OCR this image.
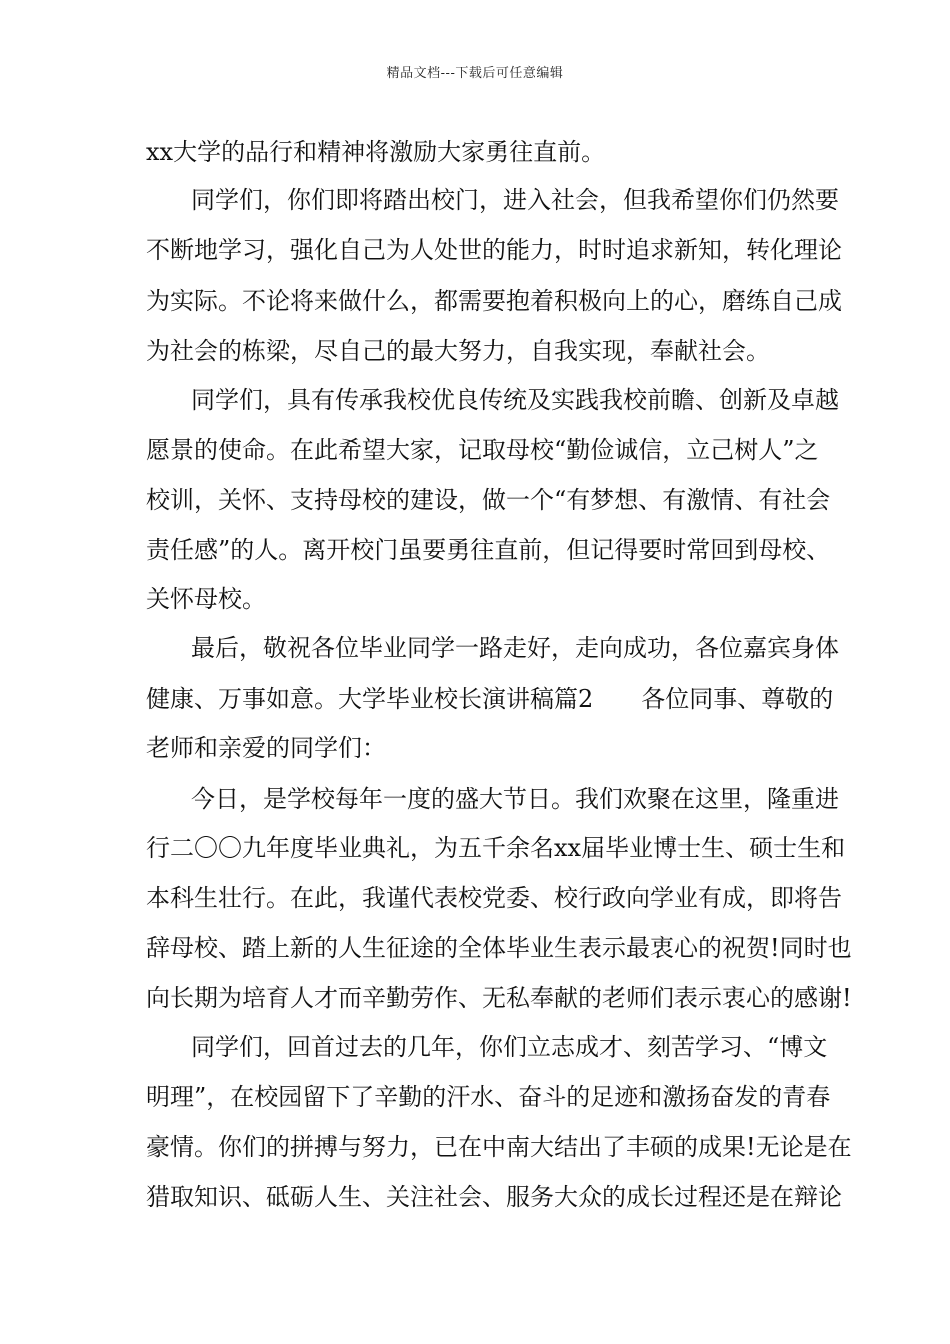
精品文档---下载后可任意编辑
xx大学的品行和精神将激励大家勇往直前。
同学们，你们即将踏出校门，进入社会，但我希望你们仍然要
不断地学习，强化自己为人处世的能力，时时追求新知，转化理论
为实际。不论将来做什么，都需要抱着积极向上的心，磨练自己成
为社会的栋梁，尽自己的最大努力，自我实现，奉献社会。
同学们，具有传承我校优良传统及实践我校前瞻、创新及卓越
愿景的使命。在此希望大家，记取母校“勤俭诚信，立己树人”之
校训，关怀、支持母校的建设，做一个“有梦想、有激情、有社会
责任感”的人。离开校门虽要勇往直前，但记得要时常回到母校、
关怀母校。
最后，敬祝各位毕业同学一路走好，走向成功，各位嘉宾身体
健康、万事如意。大学毕业校长演讲稿篇2　　各位同事、尊敬的
老师和亲爱的同学们：
今日，是学校每年一度的盛大节日。我们欢聚在这里，隆重进
行二〇〇九年度毕业典礼，为五千余名xx届毕业博士生、硕士生和
本科生壮行。在此，我谨代表校党委、校行政向学业有成，即将告
辞母校、踏上新的人生征途的全体毕业生表示最衷心的祝贺!同时也
向长期为培育人才而辛勤劳作、无私奉献的老师们表示衷心的感谢!
同学们，回首过去的几年，你们立志成才、刻苦学习、“博文
明理”，在校园留下了辛勤的汗水、奋斗的足迹和激扬奋发的青春
豪情。你们的拼搏与努力，已在中南大结出了丰硕的成果!无论是在
猎取知识、砥砺人生、关注社会、服务大众的成长过程还是在辩论
